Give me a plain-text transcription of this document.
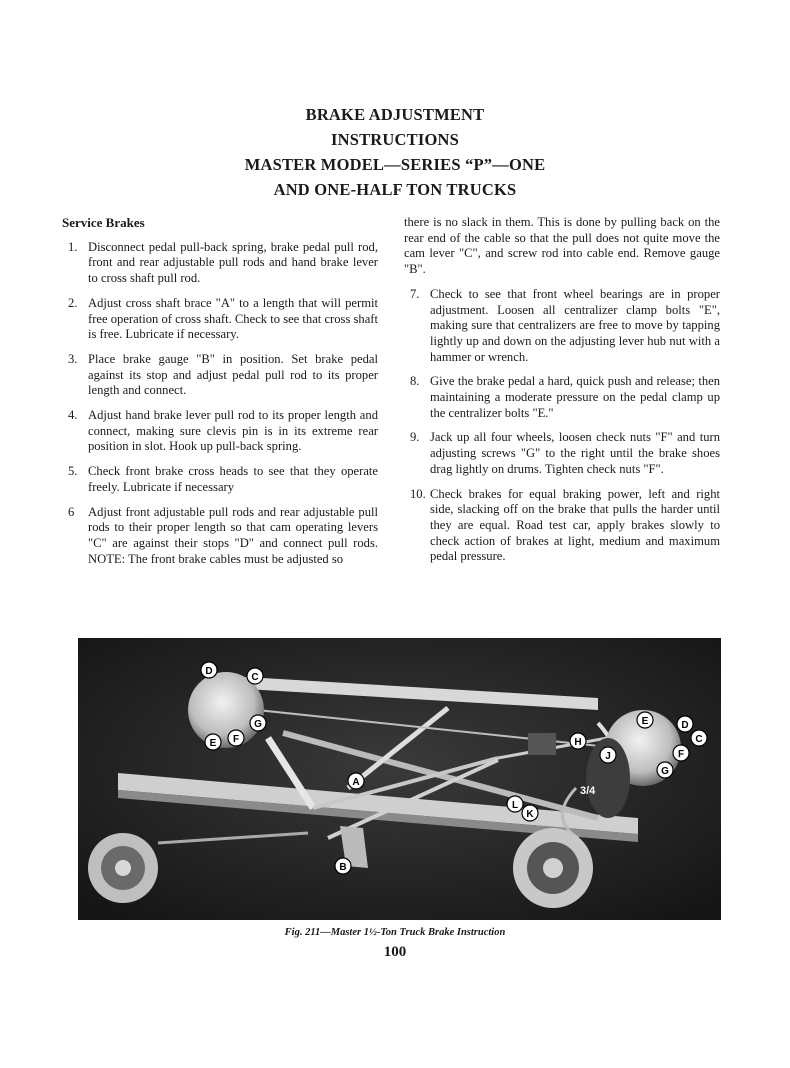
BRAKE ADJUSTMENT
INSTRUCTIONS
MASTER MODEL—SERIES “P”—ONE
AND ONE-HALF TON TRUCKS
Service Brakes
1. Disconnect pedal pull-back spring, brake pedal pull rod, front and rear adjustable pull rods and hand brake lever to cross shaft pull rod.
2. Adjust cross shaft brace "A" to a length that will permit free operation of cross shaft. Check to see that cross shaft is free. Lubricate if necessary.
3. Place brake gauge "B" in position. Set brake pedal against its stop and adjust pedal pull rod to its proper length and connect.
4. Adjust hand brake lever pull rod to its proper length and connect, making sure clevis pin is in its extreme rear position in slot. Hook up pull-back spring.
5. Check front brake cross heads to see that they operate freely. Lubricate if necessary
6 Adjust front adjustable pull rods and rear adjustable pull rods to their proper length so that cam operating levers "C" are against their stops "D" and connect pull rods. NOTE: The front brake cables must be adjusted so
there is no slack in them. This is done by pulling back on the rear end of the cable so that the pull does not quite move the cam lever "C", and screw rod into cable end. Remove gauge "B".
7. Check to see that front wheel bearings are in proper adjustment. Loosen all centralizer clamp bolts "E", making sure that centralizers are free to move by tapping lightly up and down on the adjusting lever hub nut with a hammer or wrench.
8. Give the brake pedal a hard, quick push and release; then maintaining a moderate pressure on the pedal clamp up the centralizer bolts "E."
9. Jack up all four wheels, loosen check nuts "F" and turn adjusting screws "G" to the right until the brake shoes drag lightly on drums. Tighten check nuts "F".
10. Check brakes for equal braking power, left and right side, slacking off on the brake that pulls the harder until they are equal. Road test car, apply brakes slowly to check action of brakes at light, medium and maximum pedal pressure.
D
C
G
F
E
A
B
H
J
E	D
C
F
G
L
K
3/4
Fig. 211—Master 1½-Ton Truck Brake Instruction
100
